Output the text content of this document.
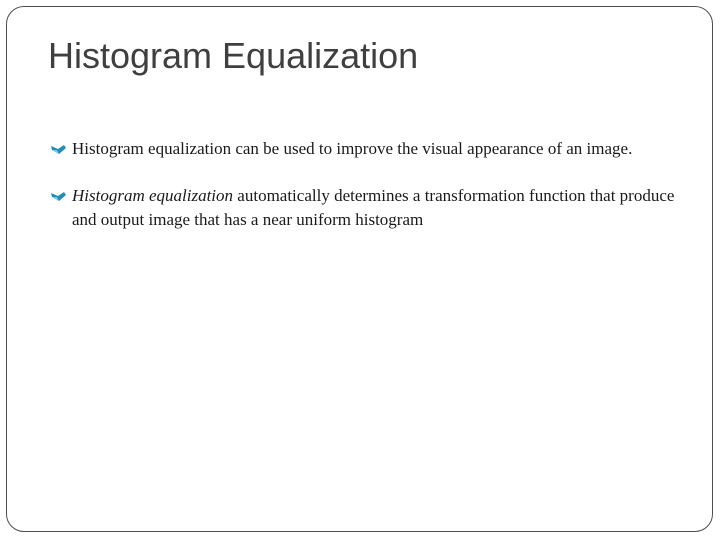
Histogram Equalization
Histogram equalization can be used to improve the visual appearance of an image.
Histogram equalization automatically determines a transformation function that produce and output image that has a near uniform histogram
